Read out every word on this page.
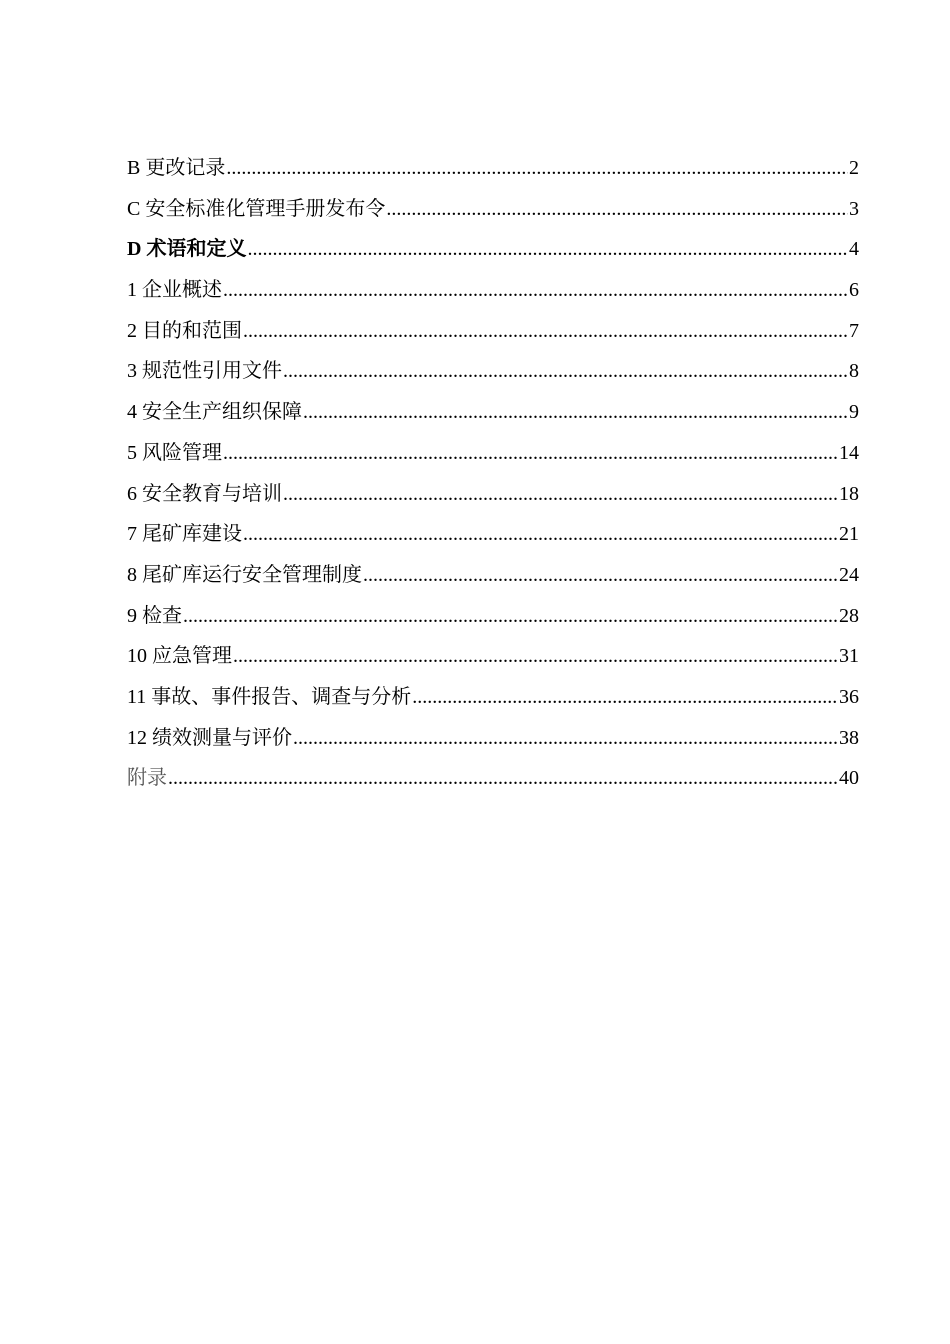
B 更改记录 .....	2
C 安全标准化管理手册发布令 .....	3
D 术语和定义 .....	4
1 企业概述 .....	6
2 目的和范围 .....	7
3 规范性引用文件 .....	8
4 安全生产组织保障 .....	9
5 风险管理 .....	14
6 安全教育与培训 .....	18
7 尾矿库建设 .....	21
8 尾矿库运行安全管理制度 .....	24
9 检查 .....	28
10 应急管理 .....	31
11 事故、事件报告、调查与分析 .....	36
12 绩效测量与评价 .....	38
附录 .....	40
